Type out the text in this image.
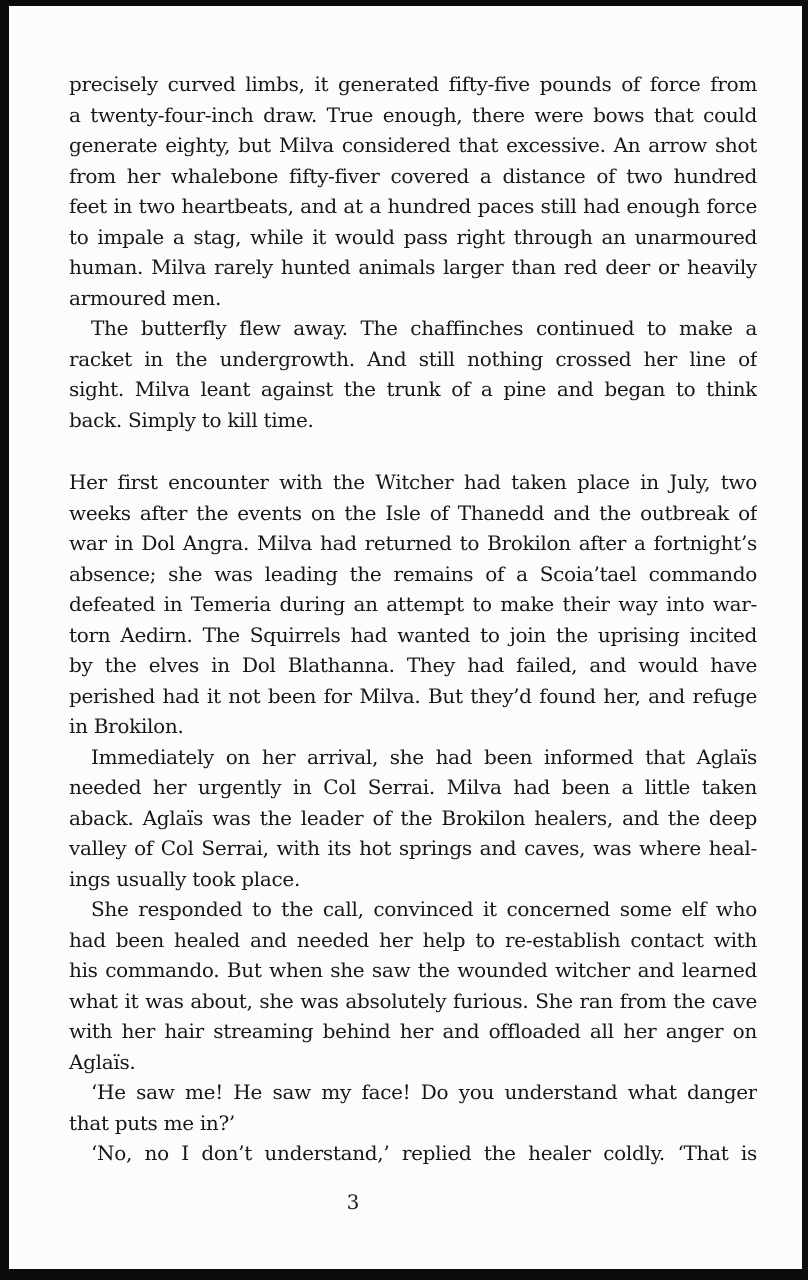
precisely curved limbs, it generated fifty-five pounds of force from
a twenty-four-inch draw. True enough, there were bows that could
generate eighty, but Milva considered that excessive. An arrow shot
from her whalebone fifty-fiver covered a distance of two hundred
feet in two heartbeats, and at a hundred paces still had enough force
to impale a stag, while it would pass right through an unarmoured
human. Milva rarely hunted animals larger than red deer or heavily
armoured men.
The butterfly flew away. The chaffinches continued to make a
racket in the undergrowth. And still nothing crossed her line of
sight. Milva leant against the trunk of a pine and began to think
back. Simply to kill time.
Her first encounter with the Witcher had taken place in July, two
weeks after the events on the Isle of Thanedd and the outbreak of
war in Dol Angra. Milva had returned to Brokilon after a fortnight’s
absence; she was leading the remains of a Scoia’tael commando
defeated in Temeria during an attempt to make their way into war-
torn Aedirn. The Squirrels had wanted to join the uprising incited
by the elves in Dol Blathanna. They had failed, and would have
perished had it not been for Milva. But they’d found her, and refuge
in Brokilon.
Immediately on her arrival, she had been informed that Aglaïs
needed her urgently in Col Serrai. Milva had been a little taken
aback. Aglaïs was the leader of the Brokilon healers, and the deep
valley of Col Serrai, with its hot springs and caves, was where heal-
ings usually took place.
She responded to the call, convinced it concerned some elf who
had been healed and needed her help to re-establish contact with
his commando. But when she saw the wounded witcher and learned
what it was about, she was absolutely furious. She ran from the cave
with her hair streaming behind her and offloaded all her anger on
Aglaïs.
‘He saw me! He saw my face! Do you understand what danger
that puts me in?’
‘No, no I don’t understand,’ replied the healer coldly. ‘That is
3
